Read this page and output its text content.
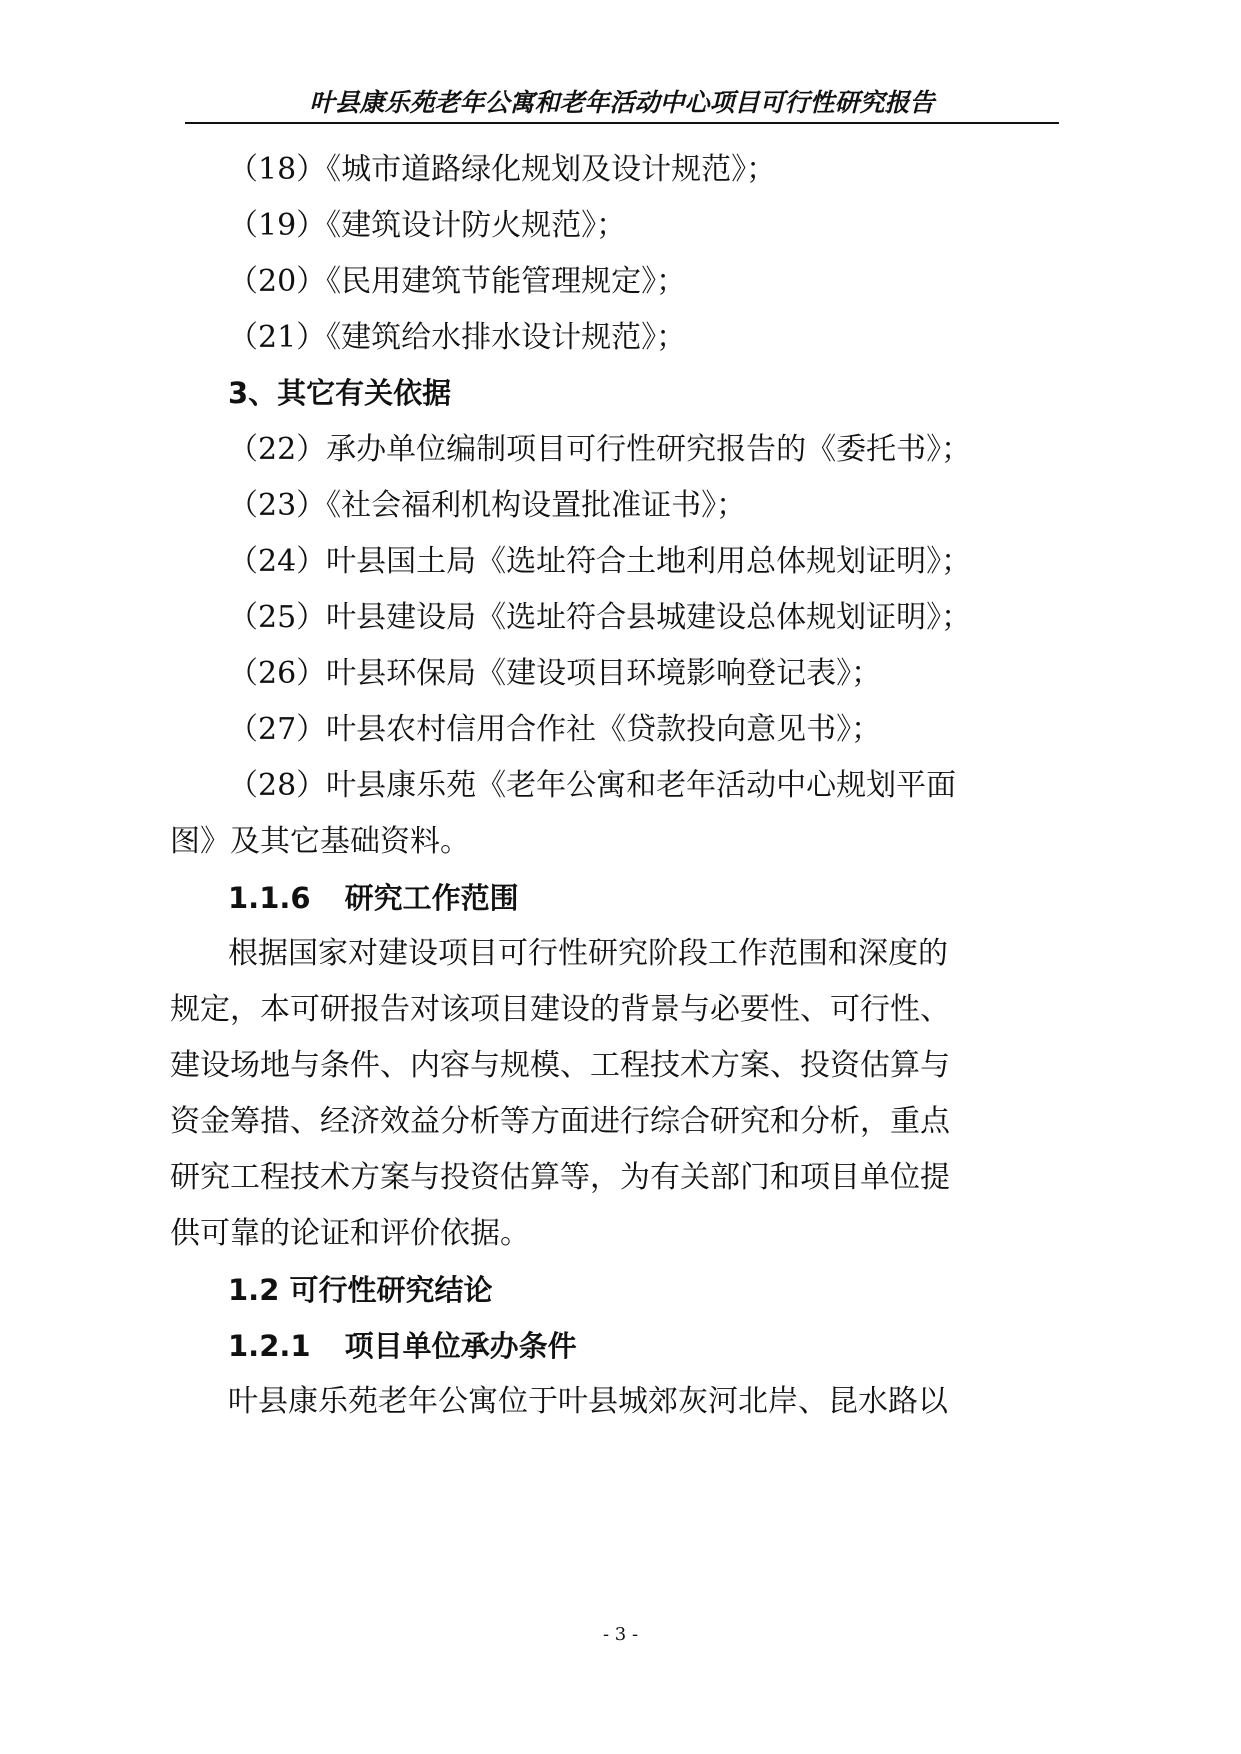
叶县康乐苑老年公寓和老年活动中心项目可行性研究报告
（18）《城市道路绿化规划及设计规范》；
（19）《建筑设计防火规范》；
（20）《民用建筑节能管理规定》；
（21）《建筑给水排水设计规范》；
3、其它有关依据
（22）承办单位编制项目可行性研究报告的《委托书》；
（23）《社会福利机构设置批准证书》；
（24）叶县国土局《选址符合土地利用总体规划证明》；
（25）叶县建设局《选址符合县城建设总体规划证明》；
（26）叶县环保局《建设项目环境影响登记表》；
（27）叶县农村信用合作社《贷款投向意见书》；
（28）叶县康乐苑《老年公寓和老年活动中心规划平面
图》及其它基础资料。
1.1.6 研究工作范围
根据国家对建设项目可行性研究阶段工作范围和深度的
规定，本可研报告对该项目建设的背景与必要性、可行性、
建设场地与条件、内容与规模、工程技术方案、投资估算与
资金筹措、经济效益分析等方面进行综合研究和分析，重点
研究工程技术方案与投资估算等，为有关部门和项目单位提
供可靠的论证和评价依据。
1.2 可行性研究结论
1.2.1 项目单位承办条件
叶县康乐苑老年公寓位于叶县城郊灰河北岸、昆水路以
- 3 -
